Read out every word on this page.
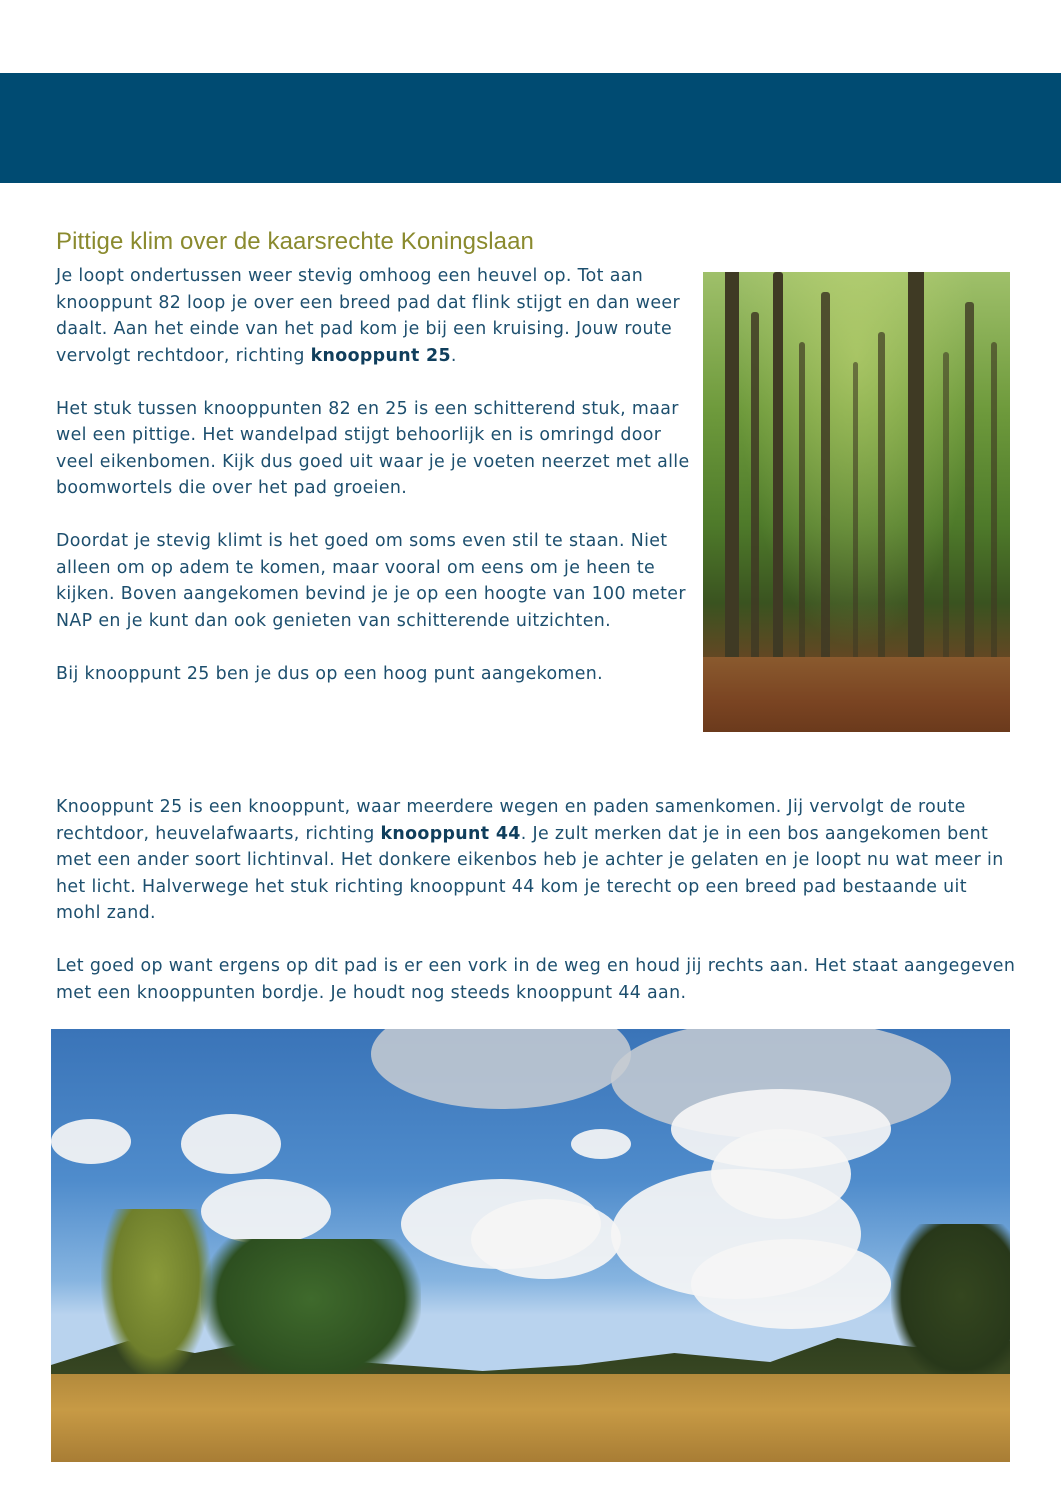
Pittige klim over de kaarsrechte Koningslaan

Je loopt ondertussen weer stevig omhoog een heuvel op. Tot aan knooppunt 82 loop je over een breed pad dat flink stijgt en dan weer daalt. Aan het einde van het pad kom je bij een kruising. Jouw route vervolgt rechtdoor, richting knooppunt 25.

Het stuk tussen knooppunten 82 en 25 is een schitterend stuk, maar wel een pittige. Het wandelpad stijgt behoorlijk en is omringd door veel eikenbomen. Kijk dus goed uit waar je je voeten neerzet met alle boomwortels die over het pad groeien.

Doordat je stevig klimt is het goed om soms even stil te staan. Niet alleen om op adem te komen, maar vooral om eens om je heen te kijken. Boven aangekomen bevind je je op een hoogte van 100 meter NAP en je kunt dan ook genieten van schitterende uitzichten.

Bij knooppunt 25 ben je dus op een hoog punt aangekomen.

Knooppunt 25 is een knooppunt, waar meerdere wegen en paden samenkomen. Jij vervolgt de route rechtdoor, heuvelafwaarts, richting knooppunt 44. Je zult merken dat je in een bos aangekomen bent met een ander soort lichtinval. Het donkere eikenbos heb je achter je gelaten en je loopt nu wat meer in het licht. Halverwege het stuk richting knooppunt 44 kom je terecht op een breed pad bestaande uit mohl zand.

Let goed op want ergens op dit pad is er een vork in de weg en houd jij rechts aan. Het staat aangegeven met een knooppunten bordje. Je houdt nog steeds knooppunt 44 aan.
